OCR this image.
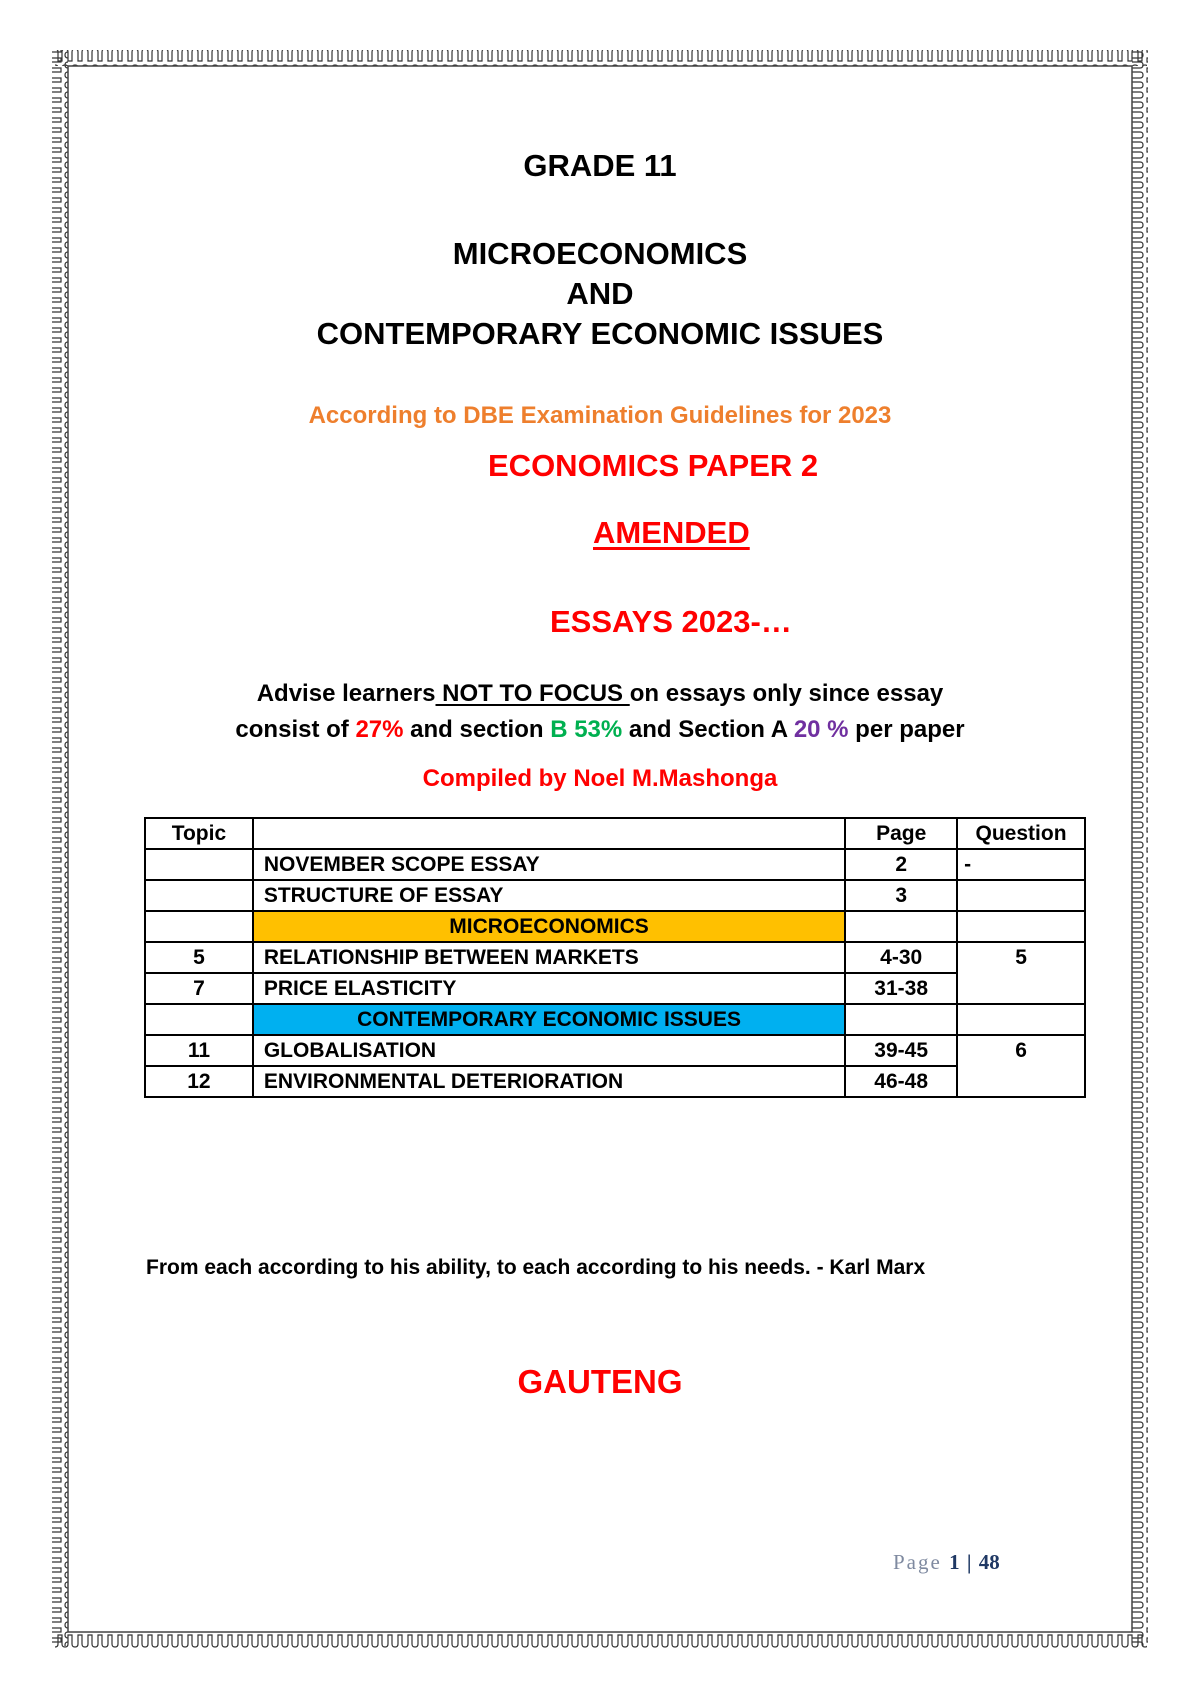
GRADE 11
MICROECONOMICS
AND
CONTEMPORARY ECONOMIC ISSUES
According to DBE Examination Guidelines for 2023
ECONOMICS PAPER 2
AMENDED
ESSAYS 2023-…
Advise learners NOT TO FOCUS on essays only since essay
consist of 27% and section B 53% and Section A 20 % per paper
Compiled by Noel M.Mashonga
Topic		Page	Question
	NOVEMBER SCOPE ESSAY	2	-
	STRUCTURE OF ESSAY	3	
	MICROECONOMICS		
5	RELATIONSHIP BETWEEN MARKETS	4-30	5
7	PRICE ELASTICITY	31-38	
	CONTEMPORARY ECONOMIC ISSUES		
11	GLOBALISATION	39-45	6
12	ENVIRONMENTAL DETERIORATION	46-48	
From each according to his ability, to each according to his needs. - Karl Marx
GAUTENG
Page 1 | 48
